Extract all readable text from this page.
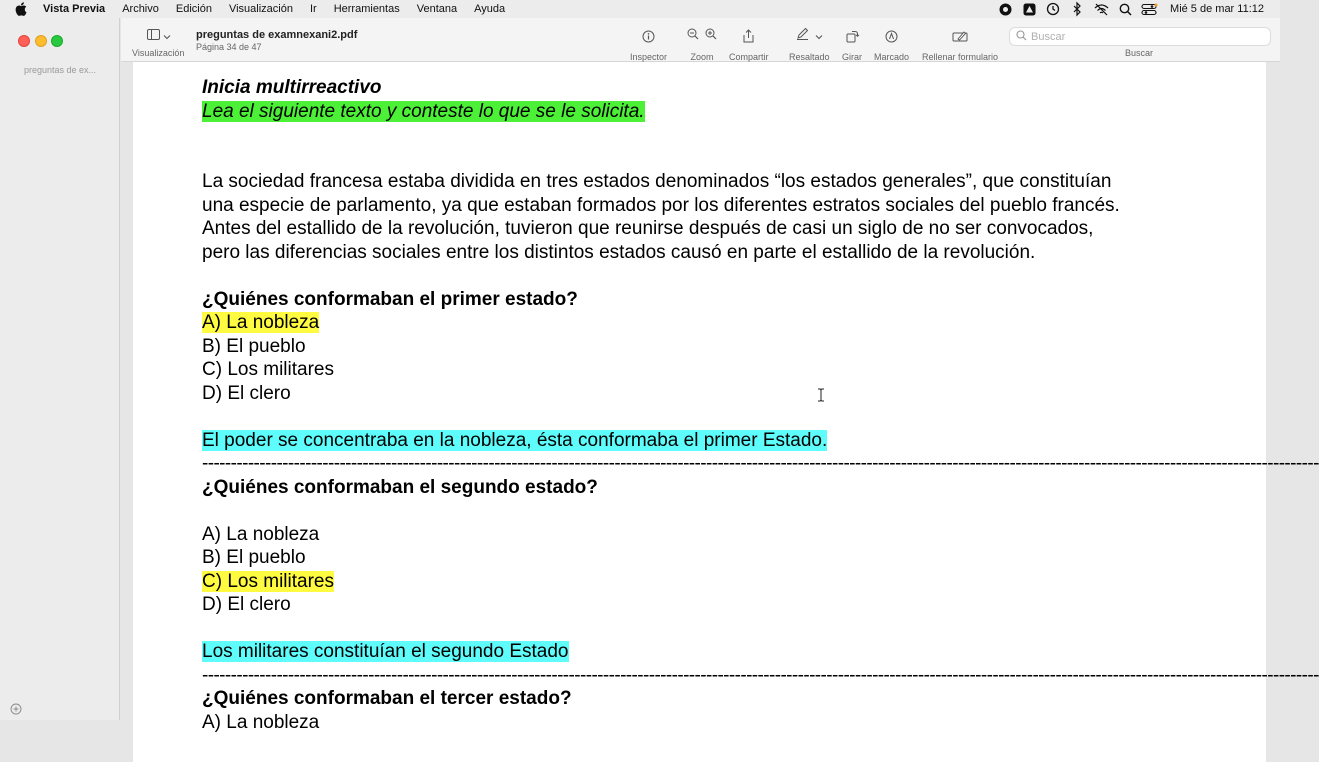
Vista Previa Archivo Edición Visualización Ir Herramientas Ventana Ayuda	Mié 5 de mar 11:12
preguntas de ex...
Visualización
preguntas de examnexani2.pdf
Página 34 de 47
Inspector	Zoom Compartir Resaltado Girar Marcado Rellenar formulario
Buscar
Buscar
Inicia multirreactivo
Lea el siguiente texto y conteste lo que se le solicita.
La sociedad francesa estaba dividida en tres estados denominados “los estados generales”, que constituían
una especie de parlamento, ya que estaban formados por los diferentes estratos sociales del pueblo francés.
Antes del estallido de la revolución, tuvieron que reunirse después de casi un siglo de no ser convocados,
pero las diferencias sociales entre los distintos estados causó en parte el estallido de la revolución.
¿Quiénes conformaban el primer estado?
A) La nobleza
B) El pueblo
C) Los militares
D) El clero
El poder se concentraba en la nobleza, ésta conformaba el primer Estado.
---------------------------------------------------------------------------------------------------------------------------------------------------------------------------------------------------
¿Quiénes conformaban el segundo estado?
A) La nobleza
B) El pueblo
C) Los militares
D) El clero
Los militares constituían el segundo Estado
---------------------------------------------------------------------------------------------------------------------------------------------------------------------------------------------------
¿Quiénes conformaban el tercer estado?
A) La nobleza
